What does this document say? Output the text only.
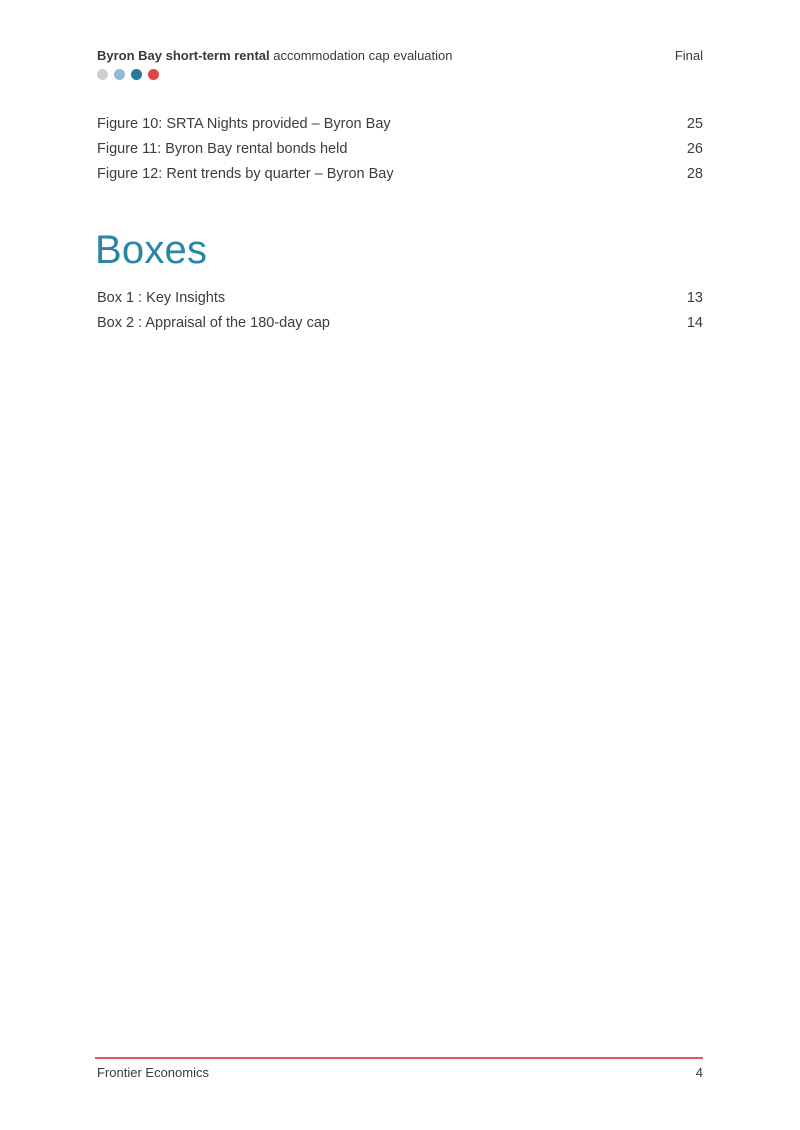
Byron Bay short-term rental accommodation cap evaluation	Final
Figure 10: SRTA Nights provided – Byron Bay	25
Figure 11: Byron Bay rental bonds held	26
Figure 12: Rent trends by quarter – Byron Bay	28
Boxes
Box 1 : Key Insights	13
Box 2 : Appraisal of the 180-day cap	14
Frontier Economics	4
